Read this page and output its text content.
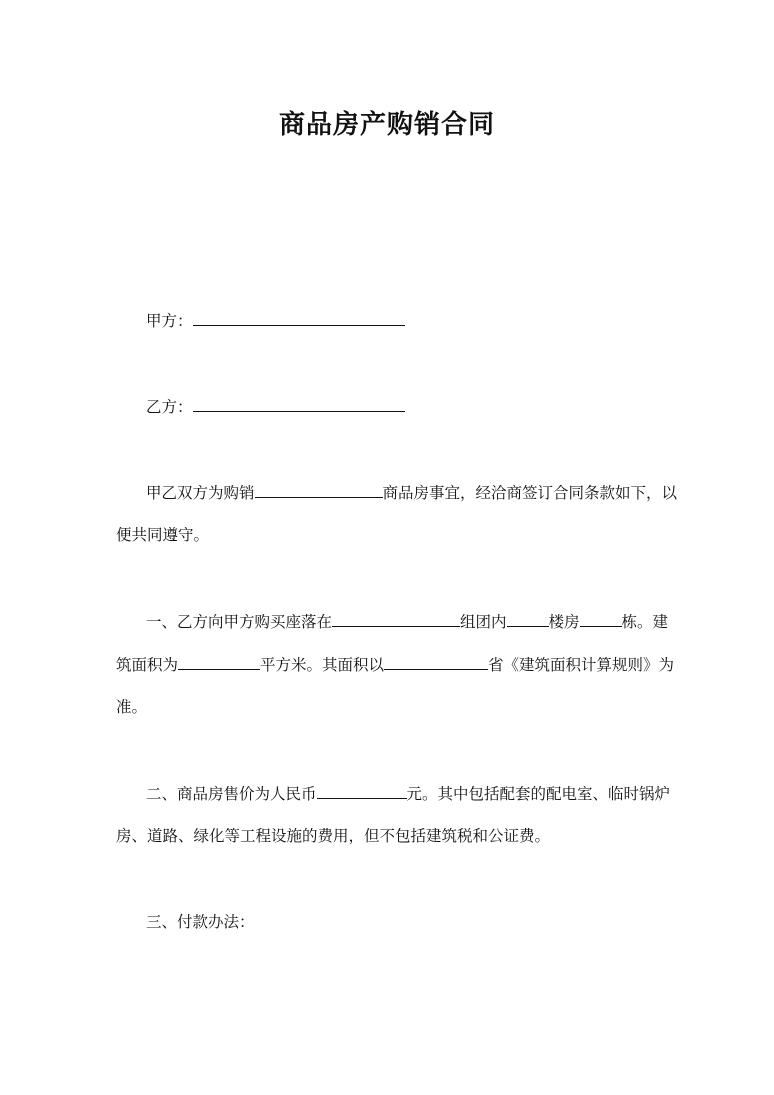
商品房产购销合同
甲方：
乙方：
甲乙双方为购销	商品房事宜，经洽商签订合同条款如下，以
便共同遵守。
一、乙方向甲方购买座落在	组团内	楼房	栋。建
筑面积为	平方米。其面积以	省《建筑面积计算规则》为
准。
二、商品房售价为人民币	元。其中包括配套的配电室、临时锅炉
房、道路、绿化等工程设施的费用，但不包括建筑税和公证费。
三、付款办法：
